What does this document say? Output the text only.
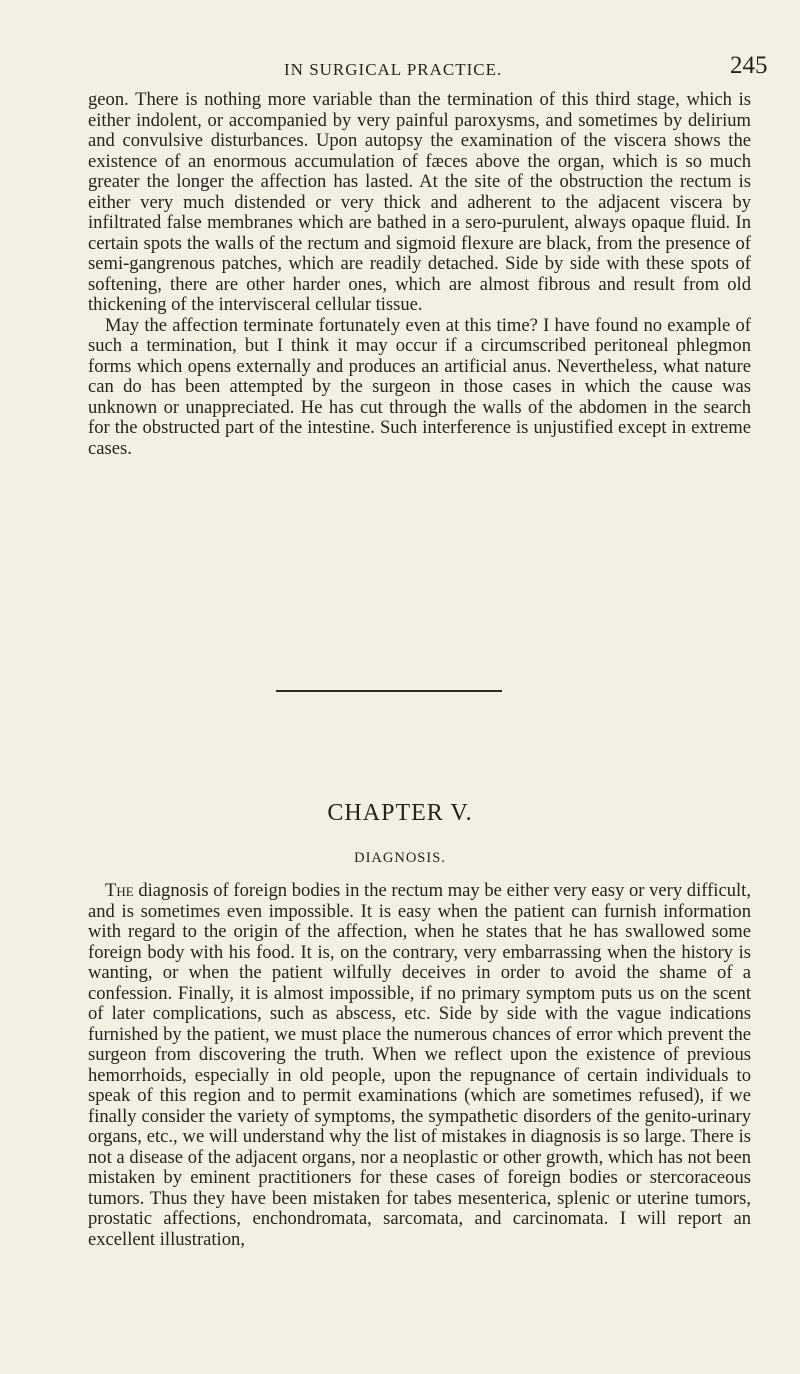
IN SURGICAL PRACTICE.	245

geon. There is nothing more variable than the termination of this third stage, which is either indolent, or accompanied by very painful paroxysms, and sometimes by delirium and convulsive disturbances. Upon autopsy the examination of the viscera shows the existence of an enormous accumulation of fæces above the organ, which is so much greater the longer the affection has lasted. At the site of the obstruction the rectum is either very much distended or very thick and adherent to the adjacent viscera by infiltrated false membranes which are bathed in a sero-purulent, always opaque fluid. In certain spots the walls of the rectum and sigmoid flexure are black, from the presence of semi-gangrenous patches, which are readily detached. Side by side with these spots of softening, there are other harder ones, which are almost fibrous and result from old thickening of the intervisceral cellular tissue.

May the affection terminate fortunately even at this time? I have found no example of such a termination, but I think it may occur if a circumscribed peritoneal phlegmon forms which opens externally and produces an artificial anus. Nevertheless, what nature can do has been attempted by the surgeon in those cases in which the cause was unknown or unappreciated. He has cut through the walls of the abdomen in the search for the obstructed part of the intestine. Such interference is unjustified except in extreme cases.

CHAPTER V.
DIAGNOSIS.

The diagnosis of foreign bodies in the rectum may be either very easy or very difficult, and is sometimes even impossible. It is easy when the patient can furnish information with regard to the origin of the affection, when he states that he has swallowed some foreign body with his food. It is, on the contrary, very embarrassing when the history is wanting, or when the patient wilfully deceives in order to avoid the shame of a confession. Finally, it is almost impossible, if no primary symptom puts us on the scent of later complications, such as abscess, etc. Side by side with the vague indications furnished by the patient, we must place the numerous chances of error which prevent the surgeon from discovering the truth. When we reflect upon the existence of previous hemorrhoids, especially in old people, upon the repugnance of certain individuals to speak of this region and to permit examinations (which are sometimes refused), if we finally consider the variety of symptoms, the sympathetic disorders of the genito-urinary organs, etc., we will understand why the list of mistakes in diagnosis is so large. There is not a disease of the adjacent organs, nor a neoplastic or other growth, which has not been mistaken by eminent practitioners for these cases of foreign bodies or stercoraceous tumors. Thus they have been mistaken for tabes mesenterica, splenic or uterine tumors, prostatic affections, enchondromata, sarcomata, and carcinomata. I will report an excellent illustration,
